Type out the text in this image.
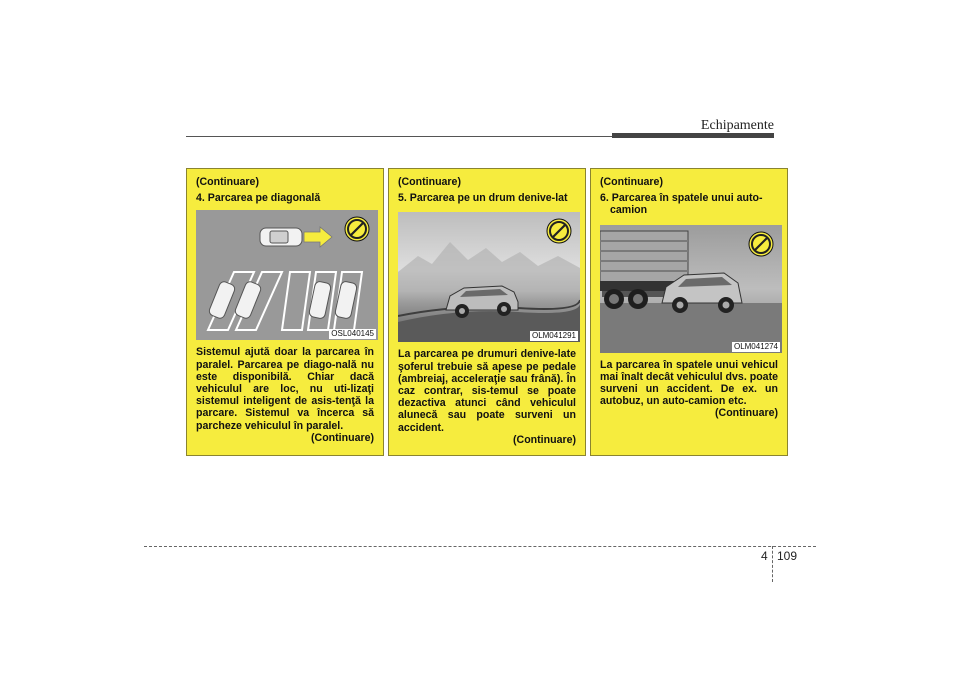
Echipamente

(Continuare)

4. Parcarea pe diagonală

OSL040145

Sistemul ajută doar la parcarea în paralel. Parcarea pe diago-nală nu este disponibilă. Chiar dacă vehiculul are loc, nu uti-lizaţi sistemul inteligent de asis-tenţă la parcare. Sistemul va încerca să parcheze vehiculul în paralel.

(Continuare)

(Continuare)

5. Parcarea pe un drum denive-lat

OLM041291

La parcarea pe drumuri denive-late şoferul trebuie să apese pe pedale (ambreiaj, acceleraţie sau frână). În caz contrar, sis-temul se poate dezactiva atunci când vehiculul alunecă sau poate surveni un accident.

(Continuare)

(Continuare)

6. Parcarea în spatele unui auto-camion

OLM041274

La parcarea în spatele unui vehicul mai înalt decât vehiculul dvs. poate surveni un accident. De ex. un autobuz, un auto-camion etc.

(Continuare)

4 109
